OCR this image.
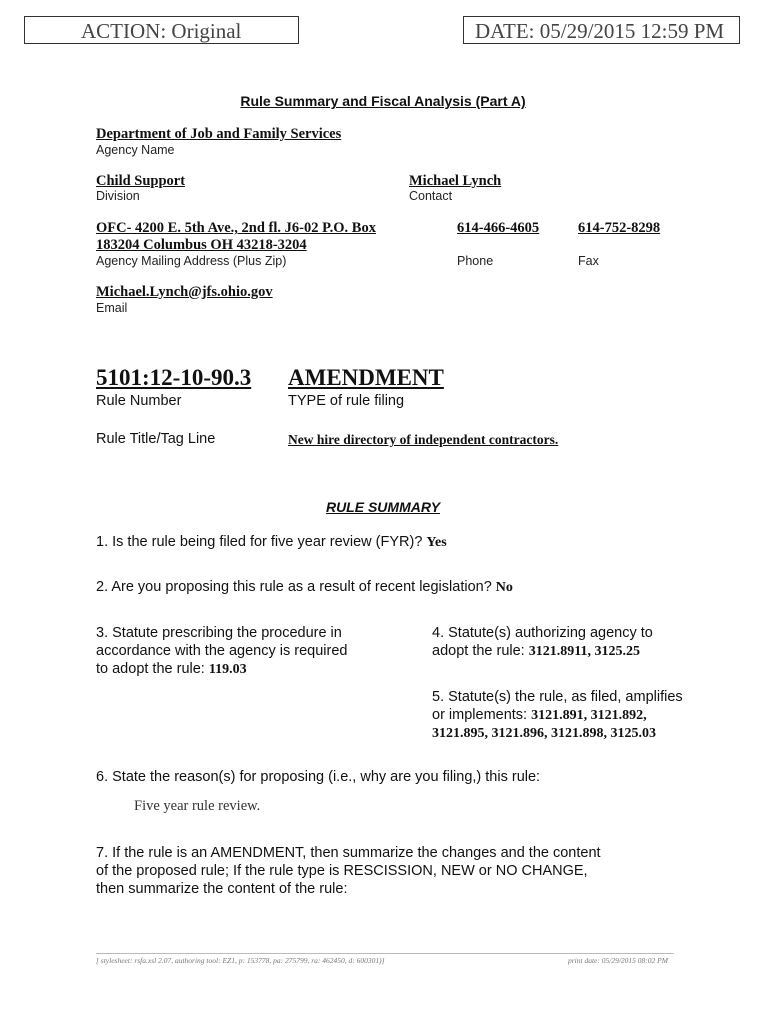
ACTION: Original	DATE: 05/29/2015 12:59 PM
Rule Summary and Fiscal Analysis (Part A)
Department of Job and Family Services
Agency Name
Child Support
Division
Michael Lynch
Contact
OFC- 4200 E. 5th Ave., 2nd fl. J6-02 P.O. Box
183204 Columbus OH 43218-3204
Agency Mailing Address (Plus Zip)
614-466-4605
Phone
614-752-8298
Fax
Michael.Lynch@jfs.ohio.gov
Email
5101:12-10-90.3
Rule Number
AMENDMENT
TYPE of rule filing
Rule Title/Tag Line	New hire directory of independent contractors.
RULE SUMMARY
1. Is the rule being filed for five year review (FYR)? Yes
2. Are you proposing this rule as a result of recent legislation? No
3. Statute prescribing the procedure in
accordance with the agency is required
to adopt the rule: 119.03
4. Statute(s) authorizing agency to
adopt the rule: 3121.8911, 3125.25
5. Statute(s) the rule, as filed, amplifies
or implements: 3121.891, 3121.892,
3121.895, 3121.896, 3121.898, 3125.03
6. State the reason(s) for proposing (i.e., why are you filing,) this rule:
Five year rule review.
7. If the rule is an AMENDMENT, then summarize the changes and the content
of the proposed rule; If the rule type is RESCISSION, NEW or NO CHANGE,
then summarize the content of the rule:
[ stylesheet: rsfa.xsl 2.07, authoring tool: EZ1, p: 153778, pa: 275799, ra: 462450, d: 600301)]	print date: 05/29/2015 08:02 PM
